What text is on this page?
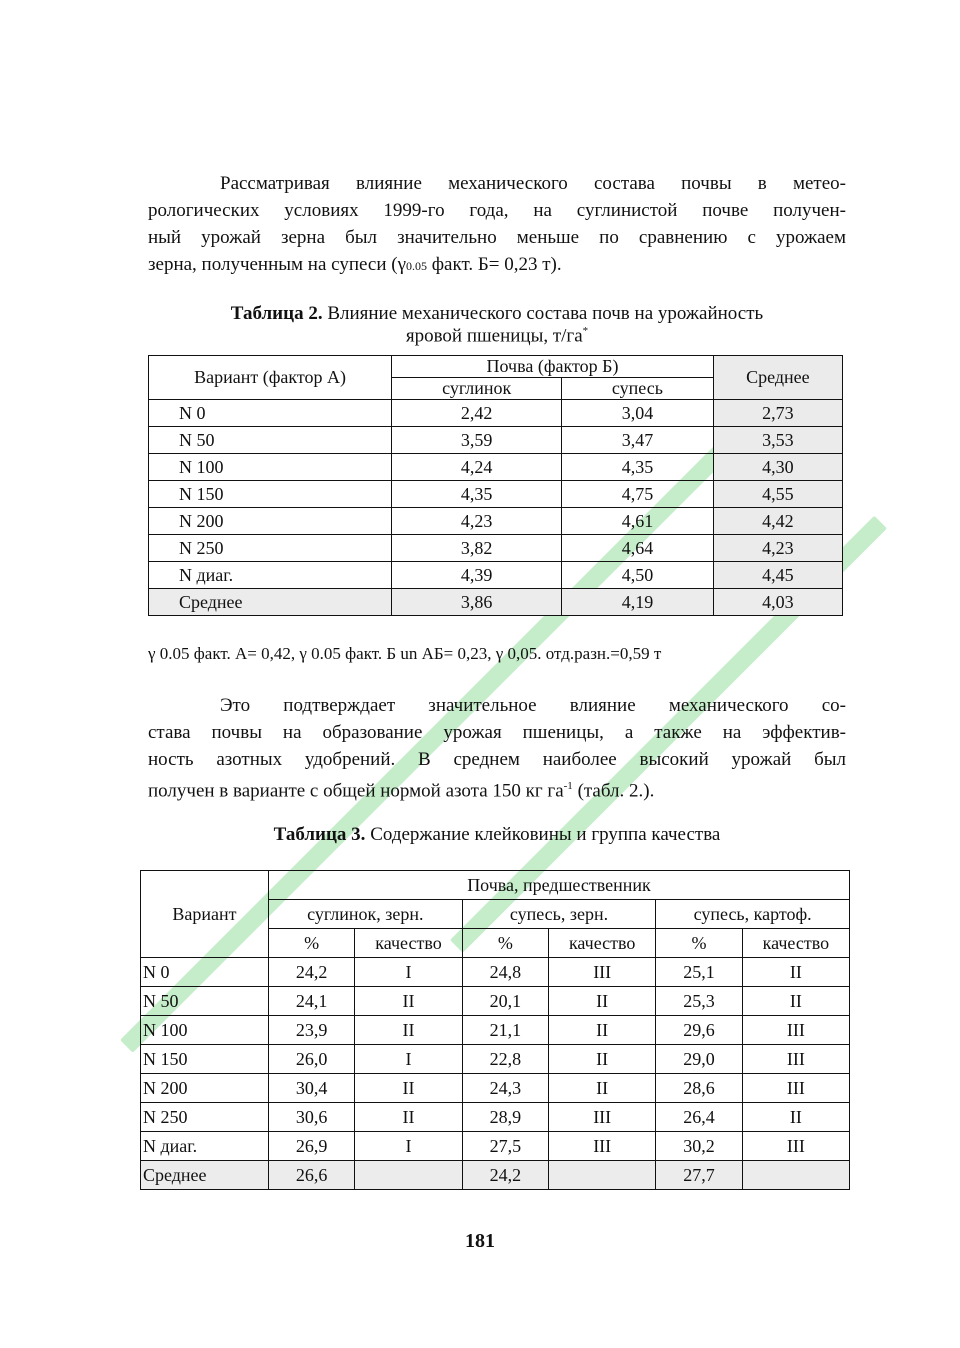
Рассматривая влияние механического состава почвы в метео-
рологических условиях 1999-го года, на суглинистой почве получен-
ный урожай зерна был значительно меньше по сравнению с урожаем
зерна, полученным на супеси (γ0.05 факт. Б= 0,23 т).

Таблица 2. Влияние механического состава почв на урожайность
яровой пшеницы, т/га*
Вариант (фактор А)	Почва (фактор Б)		Среднее
	суглинок	супесь	
N 0	2,42	3,04	2,73
N 50	3,59	3,47	3,53
N 100	4,24	4,35	4,30
N 150	4,35	4,75	4,55
N 200	4,23	4,61	4,42
N 250	3,82	4,64	4,23
N диаг.	4,39	4,50	4,45
Среднее	3,86	4,19	4,03
γ 0.05 факт. А= 0,42, γ 0.05 факт. Б un АБ= 0,23, γ 0,05. отд.разн.=0,59 т

Это подтверждает значительное влияние механического со-
става почвы на образование урожая пшеницы, а также на эффектив-
ность азотных удобрений. В среднем наиболее высокий урожай был
получен в варианте с общей нормой азота 150 кг $га^{-1}$ (табл. 2.).

Таблица 3. Содержание клейковины и группа качества
Вариант	Почва, предшественник					
	суглинок, зерн.		супесь, зерн.		супесь, картоф.	
	%	качество	%	качество	%	качество
N 0	24,2	I	24,8	III	25,1	II
N 50	24,1	II	20,1	II	25,3	II
N 100	23,9	II	21,1	II	29,6	III
N 150	26,0	I	22,8	II	29,0	III
N 200	30,4	II	24,3	II	28,6	III
N 250	30,6	II	28,9	III	26,4	II
N диаг.	26,9	I	27,5	III	30,2	III
Среднее	26,6		24,2		27,7	
181
